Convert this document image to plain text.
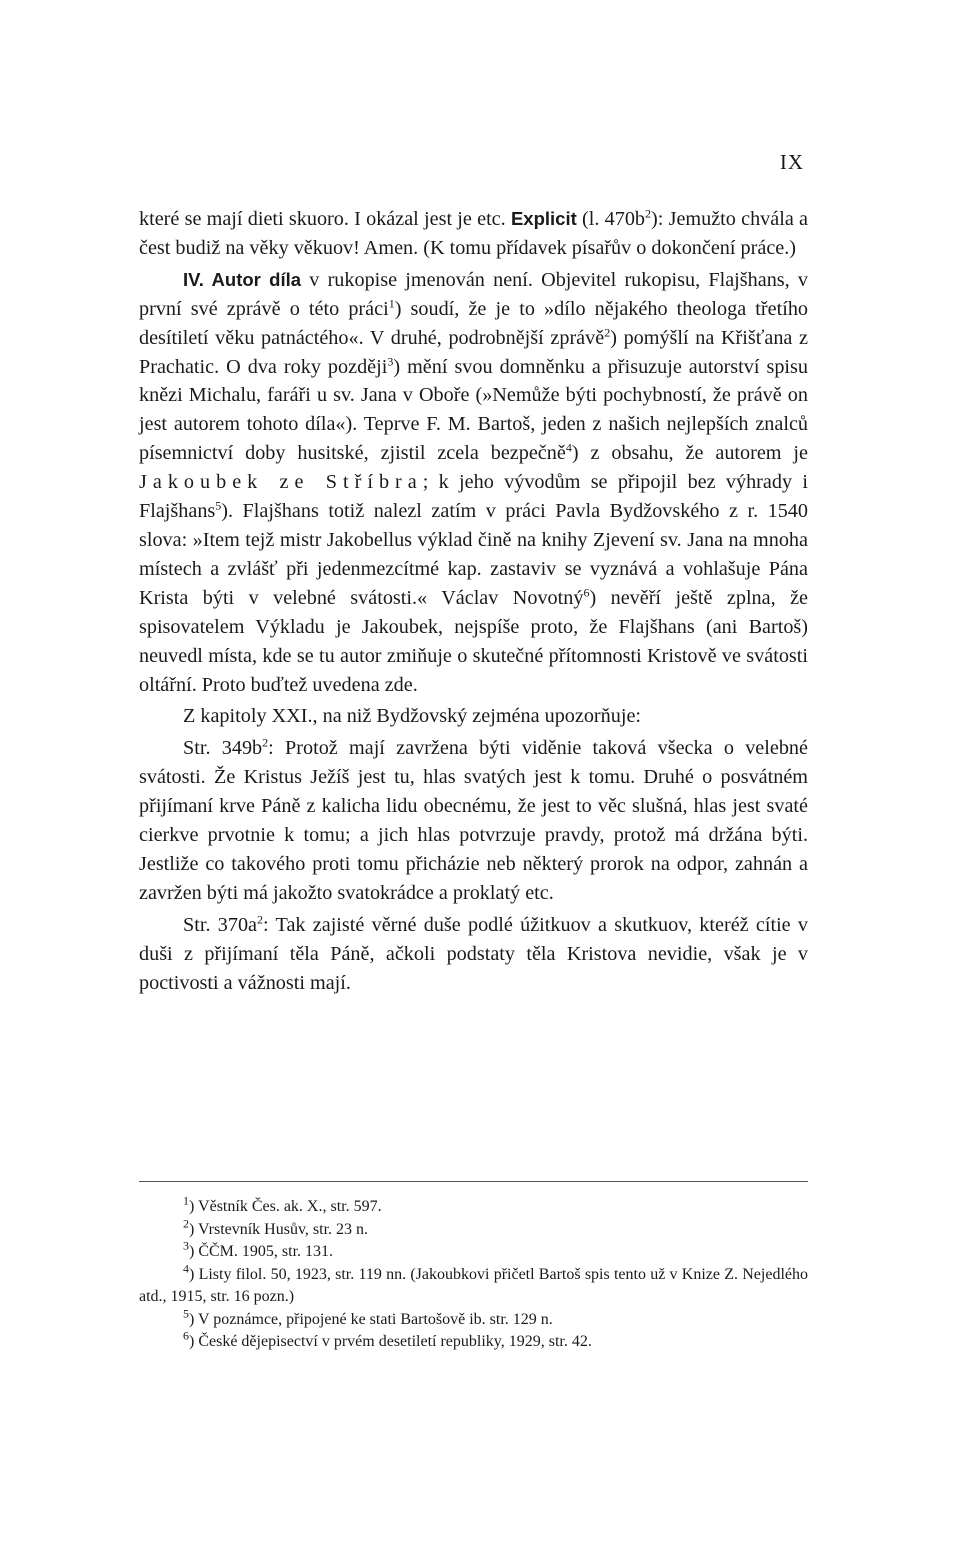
IX

které se mají dieti skuoro. I okázal jest je etc. Explicit (l. $470b^2$): Jemužto chvála a čest budiž na věky věkuov! Amen. (K tomu přídavek písařův o dokončení práce.)

IV. Autor díla v rukopise jmenován není. Objevitel rukopisu, Flajšhans, v první své zprávě o této práci$^1$) soudí, že je to »dílo nějakého theologa třetího desítiletí věku patnáctého«. V druhé, podrobnější zprávě$^2$) pomýšlí na Křišťana z Prachatic. O dva roky později$^3$) mění svou domněnku a přisuzuje autorství spisu knězi Michalu, faráři u sv. Jana v Oboře (»Nemůže býti pochybností, že právě on jest autorem tohoto díla«). Teprve F. M. Bartoš, jeden z našich nejlepších znalců písemnictví doby husitské, zjistil zcela bezpečně$^4$) z obsahu, že autorem je Jakoubek ze Stříbra; k jeho vývodům se připojil bez výhrady i Flajšhans$^5$). Flajšhans totiž nalezl zatím v práci Pavla Bydžovského z r. 1540 slova: »Item tejž mistr Jakobellus výklad čině na knihy Zjevení sv. Jana na mnoha místech a zvlášť při jedenmezcítmé kap. zastaviv se vyznává a vohlašuje Pána Krista býti v velebné svátosti.« Václav Novotný$^6$) nevěří ještě zplna, že spisovatelem Výkladu je Jakoubek, nejspíše proto, že Flajšhans (ani Bartoš) neuvedl místa, kde se tu autor zmiňuje o skutečné přítomnosti Kristově ve svátosti oltářní. Proto buďtež uvedena zde.

Z kapitoly XXI., na niž Bydžovský zejména upozorňuje:

Str. $349b^2$: Protož mají zavržena býti viděnie taková všecka o velebné svátosti. Že Kristus Ježíš jest tu, hlas svatých jest k tomu. Druhé o posvátném přijímaní krve Páně z kalicha lidu obecnému, že jest to věc slušná, hlas jest svaté cierkve prvotnie k tomu; a jich hlas potvrzuje pravdy, protož má držána býti. Jestliže co takového proti tomu přicházie neb některý prorok na odpor, zahnán a zavržen býti má jakožto svatokrádce a proklatý etc.

Str. $370a^2$: Tak zajisté věrné duše podlé úžitkuov a skutkuov, kteréž cítie v duši z přijímaní těla Páně, ačkoli podstaty těla Kristova nevidie, však je v poctivosti a vážnosti mají.

$^1$) Věstník Čes. ak. X., str. 597.

$^2$) Vrstevník Husův, str. 23 n.

$^3$) ČČM. 1905, str. 131.

$^4$) Listy filol. 50, 1923, str. 119 nn. (Jakoubkovi přičetl Bartoš spis tento už v Knize Z. Nejedlého atd., 1915, str. 16 pozn.)

$^5$) V poznámce, připojené ke stati Bartošově ib. str. 129 n.

$^6$) České dějepisectví v prvém desetiletí republiky, 1929, str. 42.
